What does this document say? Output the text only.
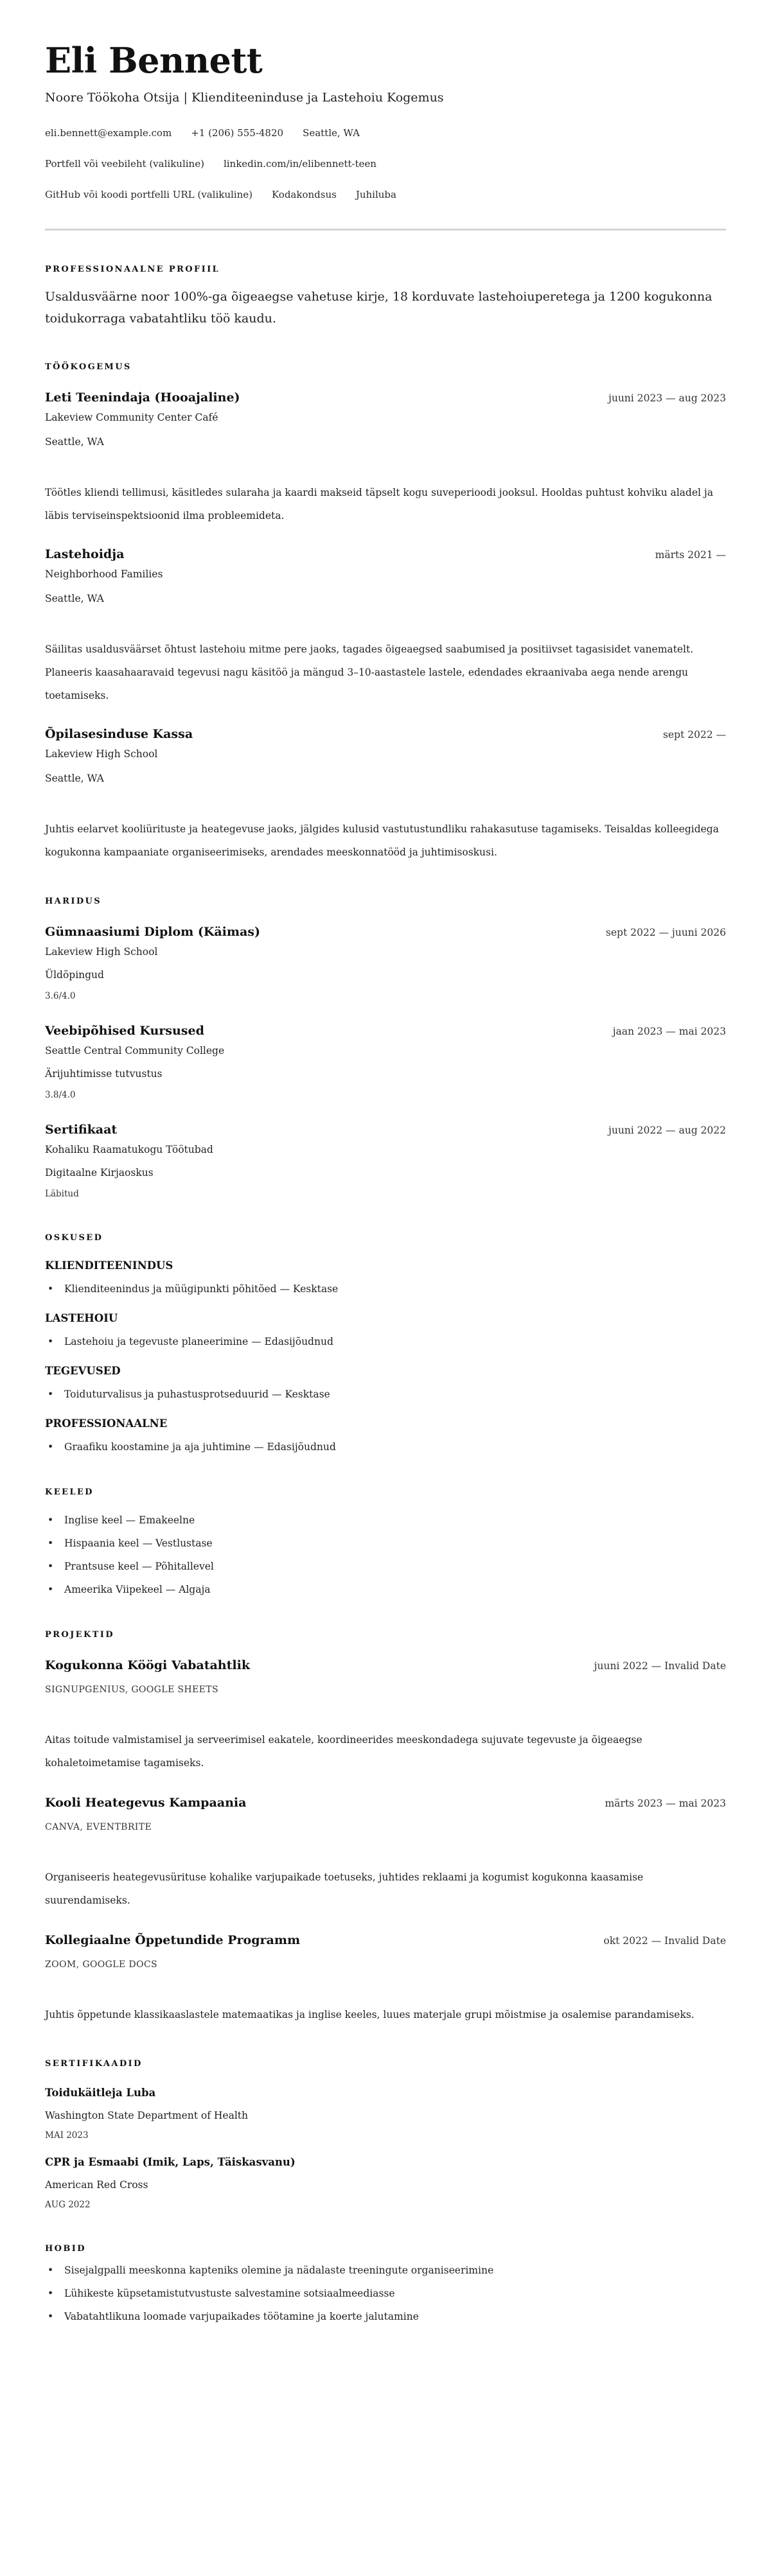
Eli Bennett
Noore Töökoha Otsija | Klienditeeninduse ja Lastehoiu Kogemus
eli.bennett@example.com +1 (206) 555-4820 Seattle, WA
Portfell või veebileht (valikuline) linkedin.com/in/elibennett-teen
GitHub või koodi portfelli URL (valikuline) Kodakondsus Juhiluba
PROFESSIONAALNE PROFIIL

Usaldusväärne noor 100%-ga õigeaegse vahetuse kirje, 18 korduvate lastehoiuperetega ja 1200 kogukonna toidukorraga vabatahtliku töö kaudu.

TÖÖKOGEMUS
Leti Teenindaja (Hooajaline)	juuni 2023 — aug 2023
Lakeview Community Center Café
Seattle, WA

Töötles kliendi tellimusi, käsitledes sularaha ja kaardi makseid täpselt kogu suveperioodi jooksul. Hooldas puhtust kohviku aladel ja läbis terviseinspektsioonid ilma probleemideta.

Lastehoidja	märts 2021 —
Neighborhood Families
Seattle, WA

Säilitas usaldusväärset õhtust lastehoiu mitme pere jaoks, tagades õigeaegsed saabumised ja positiivset tagasisidet vanematelt. Planeeris kaasahaaravaid tegevusi nagu käsitöö ja mängud 3–10-aastastele lastele, edendades ekraanivaba aega nende arengu toetamiseks.

Õpilasesinduse Kassa	sept 2022 —
Lakeview High School
Seattle, WA

Juhtis eelarvet kooliürituste ja heategevuse jaoks, jälgides kulusid vastutustundliku rahakasutuse tagamiseks. Teisaldas kolleegidega kogukonna kampaaniate organiseerimiseks, arendades meeskonnatööd ja juhtimisoskusi.

HARIDUS
Gümnaasiumi Diplom (Käimas)	sept 2022 — juuni 2026
Lakeview High School
Üldõpingud
3.6/4.0
Veebipõhised Kursused	jaan 2023 — mai 2023
Seattle Central Community College
Ärijuhtimisse tutvustus
3.8/4.0
Sertifikaat	juuni 2022 — aug 2022
Kohaliku Raamatukogu Töötubad
Digitaalne Kirjaoskus
Läbitud
OSKUSED
KLIENDITEENINDUS
• Klienditeenindus ja müügipunkti põhitõed — Kesktase
LASTEHOIU
• Lastehoiu ja tegevuste planeerimine — Edasijõudnud
TEGEVUSED
• Toiduturvalisus ja puhastusprotseduurid — Kesktase
PROFESSIONAALNE
• Graafiku koostamine ja aja juhtimine — Edasijõudnud
KEELED
• Inglise keel — Emakeelne
• Hispaania keel — Vestlustase
• Prantsuse keel — Põhitallevel
• Ameerika Viipekeel — Algaja
PROJEKTID
Kogukonna Köögi Vabatahtlik	juuni 2022 — Invalid Date
SIGNUPGENIUS, GOOGLE SHEETS

Aitas toitude valmistamisel ja serveerimisel eakatele, koordineerides meeskondadega sujuvate tegevuste ja õigeaegse kohaletoimetamise tagamiseks.

Kooli Heategevus Kampaania	märts 2023 — mai 2023
CANVA, EVENTBRITE

Organiseeris heategevusürituse kohalike varjupaikade toetuseks, juhtides reklaami ja kogumist kogukonna kaasamise suurendamiseks.

Kollegiaalne Õppetundide Programm	okt 2022 — Invalid Date
ZOOM, GOOGLE DOCS

Juhtis õppetunde klassikaaslastele matemaatikas ja inglise keeles, luues materjale grupi mõistmise ja osalemise parandamiseks.

SERTIFIKAADID
Toidukäitleja Luba
Washington State Department of Health
MAI 2023
CPR ja Esmaabi (Imik, Laps, Täiskasvanu)
American Red Cross
AUG 2022
HOBID
• Sisejalgpalli meeskonna kapteniks olemine ja nädalaste treeningute organiseerimine
• Lühikeste küpsetamistutvustuste salvestamine sotsiaalmeediasse
• Vabatahtlikuna loomade varjupaikades töötamine ja koerte jalutamine
